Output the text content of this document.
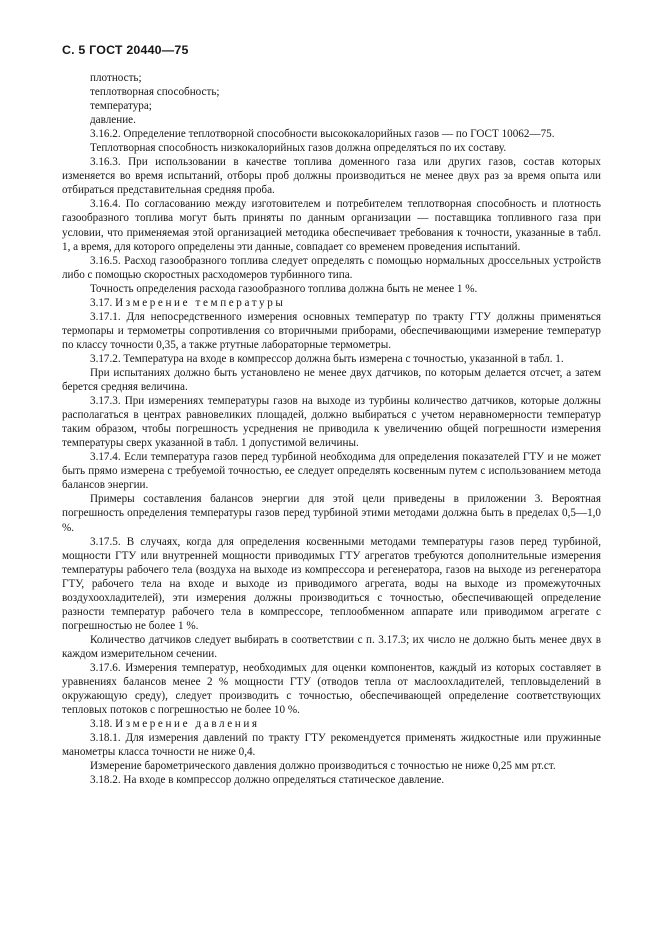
С. 5 ГОСТ 20440—75

плотность;

теплотворная способность;

температура;

давление.

3.16.2. Определение теплотворной способности высококалорийных газов — по ГОСТ 10062—75.

Теплотворная способность низкокалорийных газов должна определяться по их составу.

3.16.3. При использовании в качестве топлива доменного газа или других газов, состав которых изменяется во время испытаний, отборы проб должны производиться не менее двух раз за время опыта или отбираться представительная средняя проба.

3.16.4. По согласованию между изготовителем и потребителем теплотворная способность и плотность газообразного топлива могут быть приняты по данным организации — поставщика топливного газа при условии, что применяемая этой организацией методика обеспечивает требования к точности, указанные в табл. 1, а время, для которого определены эти данные, совпадает со временем проведения испытаний.

3.16.5. Расход газообразного топлива следует определять с помощью нормальных дроссельных устройств либо с помощью скоростных расходомеров турбинного типа.

Точность определения расхода газообразного топлива должна быть не менее 1 %.

3.17. Измерение температуры

3.17.1. Для непосредственного измерения основных температур по тракту ГТУ должны применяться термопары и термометры сопротивления со вторичными приборами, обеспечивающими измерение температур по классу точности 0,35, а также ртутные лабораторные термометры.

3.17.2. Температура на входе в компрессор должна быть измерена с точностью, указанной в табл. 1.

При испытаниях должно быть установлено не менее двух датчиков, по которым делается отсчет, а затем берется средняя величина.

3.17.3. При измерениях температуры газов на выходе из турбины количество датчиков, которые должны располагаться в центрах равновеликих площадей, должно выбираться с учетом неравномерности температур таким образом, чтобы погрешность усреднения не приводила к увеличению общей погрешности измерения температуры сверх указанной в табл. 1 допустимой величины.

3.17.4. Если температура газов перед турбиной необходима для определения показателей ГТУ и не может быть прямо измерена с требуемой точностью, ее следует определять косвенным путем с использованием метода балансов энергии.

Примеры составления балансов энергии для этой цели приведены в приложении 3. Вероятная погрешность определения температуры газов перед турбиной этими методами должна быть в пределах 0,5—1,0 %.

3.17.5. В случаях, когда для определения косвенными методами температуры газов перед турбиной, мощности ГТУ или внутренней мощности приводимых ГТУ агрегатов требуются дополнительные измерения температуры рабочего тела (воздуха на выходе из компрессора и регенератора, газов на выходе из регенератора ГТУ, рабочего тела на входе и выходе из приводимого агрегата, воды на выходе из промежуточных воздухоохладителей), эти измерения должны производиться с точностью, обеспечивающей определение разности температур рабочего тела в компрессоре, теплообменном аппарате или приводимом агрегате с погрешностью не более 1 %.

Количество датчиков следует выбирать в соответствии с п. 3.17.3; их число не должно быть менее двух в каждом измерительном сечении.

3.17.6. Измерения температур, необходимых для оценки компонентов, каждый из которых составляет в уравнениях балансов менее 2 % мощности ГТУ (отводов тепла от маслоохладителей, тепловыделений в окружающую среду), следует производить с точностью, обеспечивающей определение соответствующих тепловых потоков с погрешностью не более 10 %.

3.18. Измерение давления

3.18.1. Для измерения давлений по тракту ГТУ рекомендуется применять жидкостные или пружинные манометры класса точности не ниже 0,4.

Измерение барометрического давления должно производиться с точностью не ниже 0,25 мм рт.ст.

3.18.2. На входе в компрессор должно определяться статическое давление.
